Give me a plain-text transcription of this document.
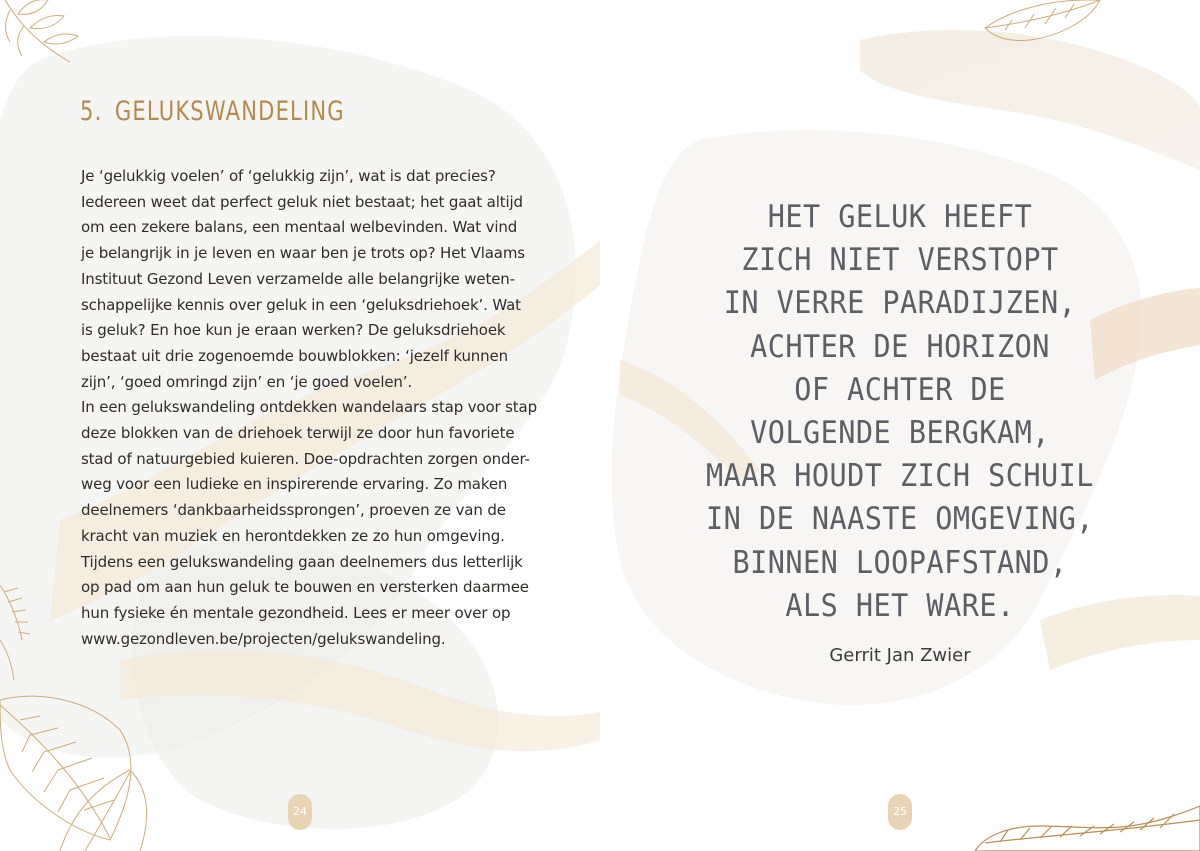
5. GELUKSWANDELING

Je ‘gelukkig voelen’ of ‘gelukkig zijn’, wat is dat precies?
Iedereen weet dat perfect geluk niet bestaat; het gaat altijd
om een zekere balans, een mentaal welbevinden. Wat vind
je belangrijk in je leven en waar ben je trots op? Het Vlaams
Instituut Gezond Leven verzamelde alle belangrijke weten-
schappelijke kennis over geluk in een ‘geluksdriehoek’. Wat
is geluk? En hoe kun je eraan werken? De geluksdriehoek
bestaat uit drie zogenoemde bouwblokken: ‘jezelf kunnen
zijn’, ‘goed omringd zijn’ en ‘je goed voelen’.
In een gelukswandeling ontdekken wandelaars stap voor stap
deze blokken van de driehoek terwijl ze door hun favoriete
stad of natuurgebied kuieren. Doe-opdrachten zorgen onder-
weg voor een ludieke en inspirerende ervaring. Zo maken
deelnemers ‘dankbaarheidssprongen’, proeven ze van de
kracht van muziek en herontdekken ze zo hun omgeving.
Tijdens een gelukswandeling gaan deelnemers dus letterlijk
op pad om aan hun geluk te bouwen en versterken daarmee
hun fysieke én mentale gezondheid. Lees er meer over op
www.gezondleven.be/projecten/gelukswandeling.

24
HET GELUK HEEFT
ZICH NIET VERSTOPT
IN VERRE PARADIJZEN,
ACHTER DE HORIZON
OF ACHTER DE
VOLGENDE BERGKAM,
MAAR HOUDT ZICH SCHUIL
IN DE NAASTE OMGEVING,
BINNEN LOOPAFSTAND,
ALS HET WARE.
Gerrit Jan Zwier
25
